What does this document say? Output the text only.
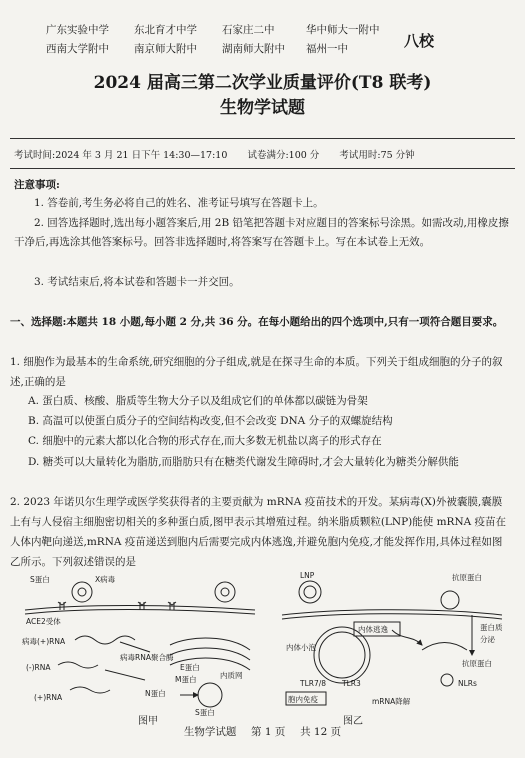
广东实验中学 东北育才中学 石家庄二中	华中师大一附中
西南大学附中 南京师大附中 湖南师大附中 福州一中	八校
2024 届高三第二次学业质量评价(T8 联考)
生物学试题
考试时间:2024 年 3 月 21 日下午 14:30—17:10 试卷满分:100 分 考试用时:75 分钟
注意事项:
1. 答卷前,考生务必将自己的姓名、准考证号填写在答题卡上。
2. 回答选择题时,选出每小题答案后,用 2B 铅笔把答题卡对应题目的答案标号涂黑。如需改动,用橡皮擦干净后,再选涂其他答案标号。回答非选择题时,将答案写在答题卡上。写在本试卷上无效。
3. 考试结束后,将本试卷和答题卡一并交回。
一、选择题:本题共 18 小题,每小题 2 分,共 36 分。在每小题给出的四个选项中,只有一项符合题目要求。
1. 细胞作为最基本的生命系统,研究细胞的分子组成,就是在探寻生命的本质。下列关于组成细胞的分子的叙述,正确的是
A. 蛋白质、核酸、脂质等生物大分子以及组成它们的单体都以碳链为骨架
B. 高温可以使蛋白质分子的空间结构改变,但不会改变 DNA 分子的双螺旋结构
C. 细胞中的元素大都以化合物的形式存在,而大多数无机盐以离子的形式存在
D. 糖类可以大量转化为脂肪,而脂肪只有在糖类代谢发生障碍时,才会大量转化为糖类分解供能
2. 2023 年诺贝尔生理学或医学奖获得者的主要贡献为 mRNA 疫苗技术的开发。某病毒(X)外被囊膜,囊膜上有与人侵宿主细胞密切相关的多种蛋白质,图甲表示其增殖过程。纳米脂质颗粒(LNP)能使 mRNA 疫苗在人体内靶向递送,mRNA 疫苗递送到胞内后需要完成内体逃逸,并避免胞内免疫,才能发挥作用,具体过程如图乙所示。下列叙述错误的是
S蛋白	X病毒
ACE2受体
病毒(+)RNA
(-)RNA
(+)RNA
病毒RNA聚合酶
N蛋白
M蛋白
E蛋白
S蛋白
内质网
图甲
LNP	抗原蛋白
内体逃逸
内体小泡
TLR7/8 TLR3
蛋白质
分泌
抗原蛋白
NLRs
mRNA降解
胞内免疫
图乙
生物学试题 第 1 页 共 12 页
